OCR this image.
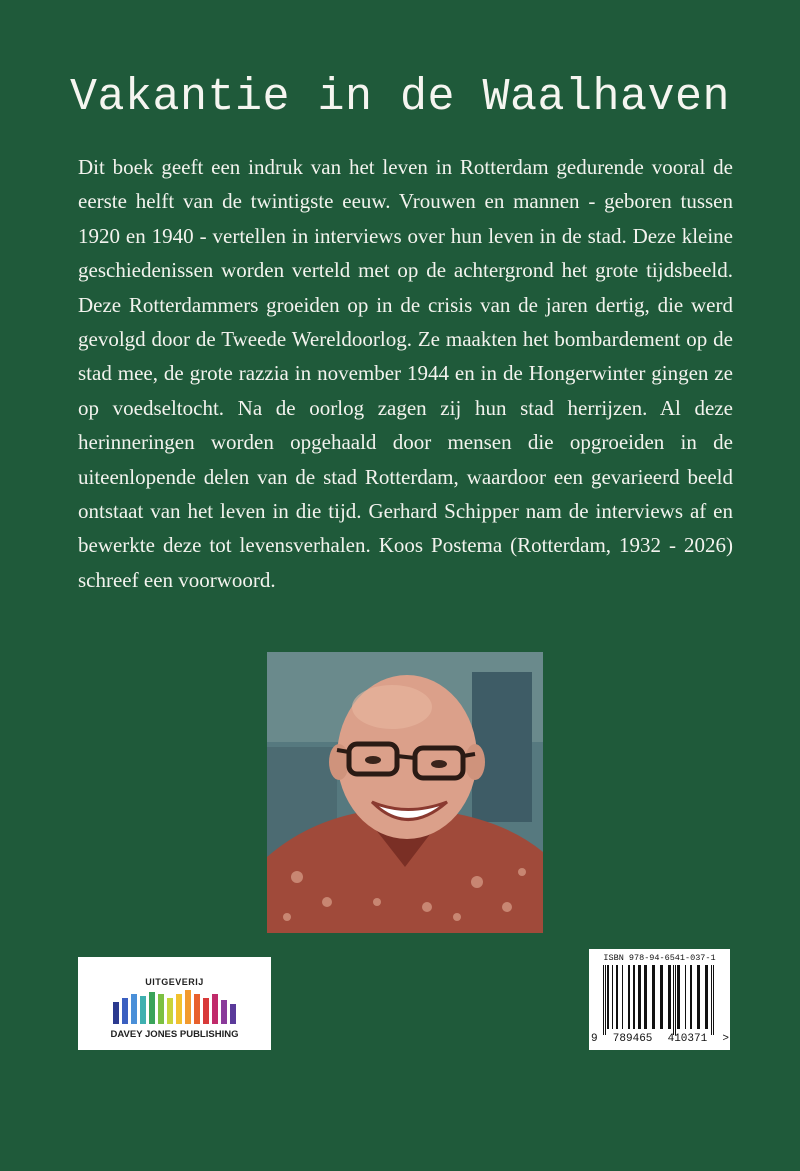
Vakantie in de Waalhaven

Dit boek geeft een indruk van het leven in Rotterdam gedurende vooral de eerste helft van de twintigste eeuw. Vrouwen en mannen - geboren tussen 1920 en 1940 - vertellen in interviews over hun leven in de stad. Deze kleine geschiedenissen worden verteld met op de achtergrond het grote tijdsbeeld. Deze Rotterdammers groeiden op in de crisis van de jaren dertig, die werd gevolgd door de Tweede Wereldoorlog. Ze maakten het bombardement op de stad mee, de grote razzia in november 1944 en in de Hongerwinter gingen ze op voedseltocht. Na de oorlog zagen zij hun stad herrijzen. Al deze herinneringen worden opgehaald door mensen die opgroeiden in de uiteenlopende delen van de stad Rotterdam, waardoor een gevarieerd beeld ontstaat van het leven in die tijd. Gerhard Schipper nam de interviews af en bewerkte deze tot levensverhalen. Koos Postema (Rotterdam, 1932 - 2026) schreef een voorwoord.

UITGEVERIJ
DAVEY JONES PUBLISHING
ISBN 978-94-6541-037-1
9 789465 410371 >
